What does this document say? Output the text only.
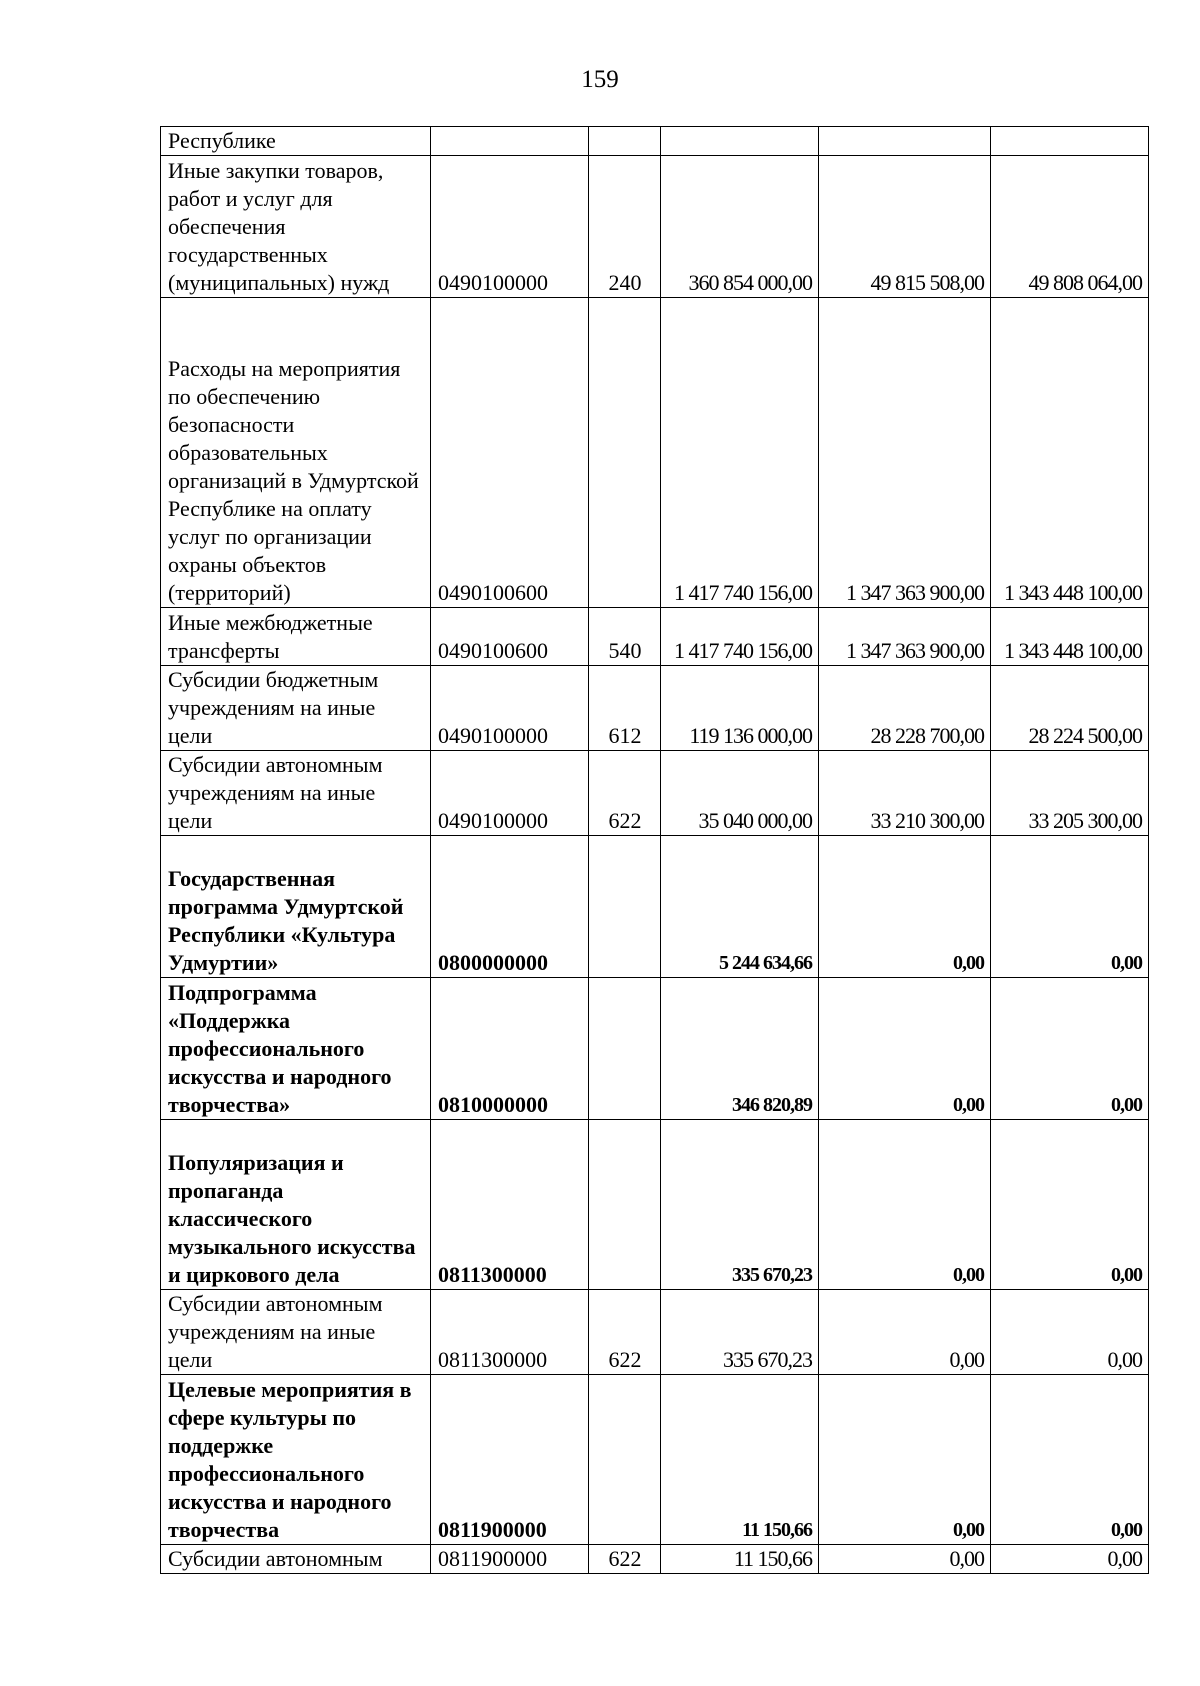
159
Республике					
Иные закупки товаров, работ и услуг для обеспечения государственных (муниципальных) нужд	0490100000	240	360 854 000,00	49 815 508,00	49 808 064,00
Расходы на мероприятия по обеспечению безопасности образовательных организаций в Удмуртской Республике на оплату услуг по организации охраны объектов (территорий)	0490100600		1 417 740 156,00	1 347 363 900,00	1 343 448 100,00
Иные межбюджетные трансферты	0490100600	540	1 417 740 156,00	1 347 363 900,00	1 343 448 100,00
Субсидии бюджетным учреждениям на иные цели	0490100000	612	119 136 000,00	28 228 700,00	28 224 500,00
Субсидии автономным учреждениям на иные цели	0490100000	622	35 040 000,00	33 210 300,00	33 205 300,00
Государственная программа Удмуртской Республики «Культура Удмуртии»	0800000000		5 244 634,66	0,00	0,00
Подпрограмма «Поддержка профессионального искусства и народного творчества»	0810000000		346 820,89	0,00	0,00
Популяризация и пропаганда классического музыкального искусства и циркового дела	0811300000		335 670,23	0,00	0,00
Субсидии автономным учреждениям на иные цели	0811300000	622	335 670,23	0,00	0,00
Целевые мероприятия в сфере культуры по поддержке профессионального искусства и народного творчества	0811900000		11 150,66	0,00	0,00
Субсидии автономным	0811900000	622	11 150,66	0,00	0,00
